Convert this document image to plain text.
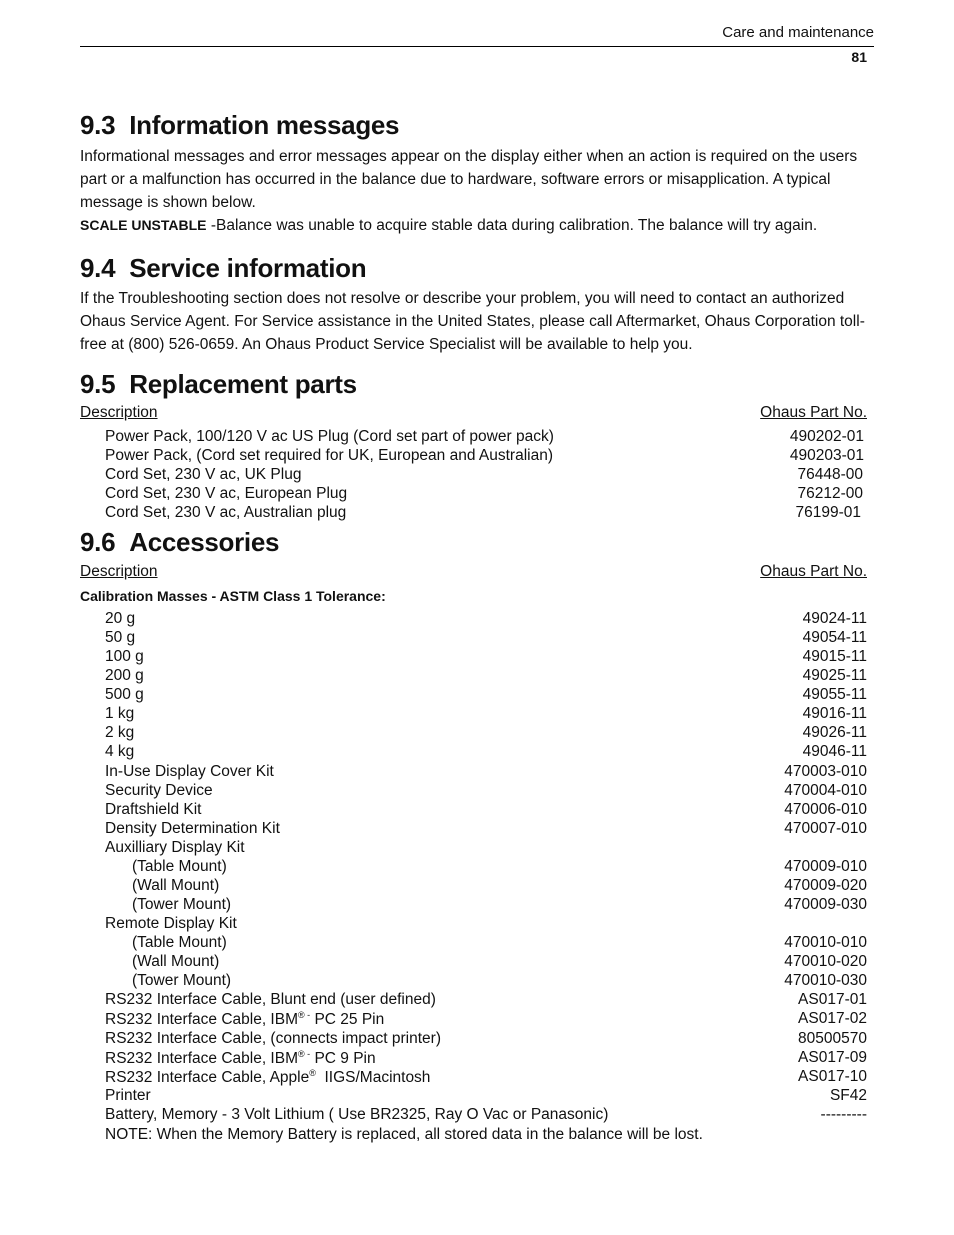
Care and maintenance
81
9.3 Information messages

Informational messages and error messages appear on the display either when an action is required on the users part or a malfunction has occurred in the balance due to hardware, software errors or misapplication. A typical message is shown below.

SCALE UNSTABLE -Balance was unable to acquire stable data during calibration. The balance will try again.

9.4 Service information

If the Troubleshooting section does not resolve or describe your problem, you will need to contact an authorized Ohaus Service Agent. For Service assistance in the United States, please call Aftermarket, Ohaus Corporation toll-free at (800) 526-0659. An Ohaus Product Service Specialist will be available to help you.

9.5 Replacement parts
Description	Ohaus Part No.
Power Pack, 100/120 V ac US Plug (Cord set part of power pack)	490202-01
Power Pack, (Cord set required for UK, European and Australian)	490203-01
Cord Set, 230 V ac, UK Plug	76448-00
Cord Set, 230 V ac, European Plug	76212-00
Cord Set, 230 V ac, Australian plug	76199-01
9.6 Accessories
Description	Ohaus Part No.
Calibration Masses - ASTM Class 1 Tolerance:
20 g	49024-11
50 g	49054-11
100 g	49015-11
200 g	49025-11
500 g	49055-11
1 kg	49016-11
2 kg	49026-11
4 kg	49046-11
In-Use Display Cover Kit	470003-010
Security Device	470004-010
Draftshield Kit	470006-010
Density Determination Kit	470007-010
Auxilliary Display Kit
(Table Mount)	470009-010
(Wall Mount)	470009-020
(Tower Mount)	470009-030
Remote Display Kit
(Table Mount)	470010-010
(Wall Mount)	470010-020
(Tower Mount)	470010-030
RS232 Interface Cable, Blunt end (user defined)	AS017-01
RS232 Interface Cable, IBM® - PC 25 Pin	AS017-02
RS232 Interface Cable, (connects impact printer)	80500570
RS232 Interface Cable, IBM® - PC 9 Pin	AS017-09
RS232 Interface Cable, Apple®  IIGS/Macintosh	AS017-10
Printer	SF42
Battery, Memory - 3 Volt Lithium ( Use BR2325, Ray O Vac or Panasonic)	---------
NOTE: When the Memory Battery is replaced, all stored data in the balance will be lost.
